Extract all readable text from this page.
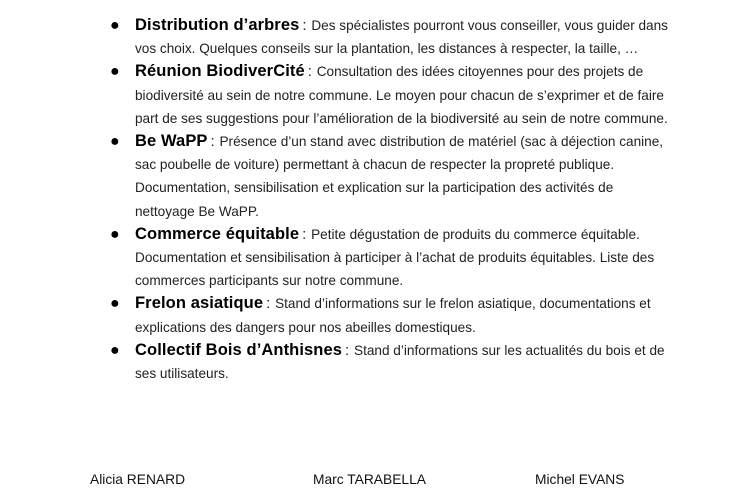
● Distribution d’arbres : Des spécialistes pourront vous conseiller, vous guider dans vos choix. Quelques conseils sur la plantation, les distances à respecter, la taille, …
● Réunion BiodiverCité : Consultation des idées citoyennes pour des projets de biodiversité au sein de notre commune. Le moyen pour chacun de s’exprimer et de faire part de ses suggestions pour l’amélioration de la biodiversité au sein de notre commune.
● Be WaPP : Présence d’un stand avec distribution de matériel (sac à déjection canine, sac poubelle de voiture) permettant à chacun de respecter la propreté publique. Documentation, sensibilisation et explication sur la participation des activités de nettoyage Be WaPP.
● Commerce équitable : Petite dégustation de produits du commerce équitable. Documentation et sensibilisation à participer à l’achat de produits équitables. Liste des commerces participants sur notre commune.
● Frelon asiatique : Stand d’informations sur le frelon asiatique, documentations et explications des dangers pour nos abeilles domestiques.
● Collectif Bois d’Anthisnes : Stand d’informations sur les actualités du bois et de ses utilisateurs.
Alicia RENARD	Marc TARABELLA	Michel EVANS
